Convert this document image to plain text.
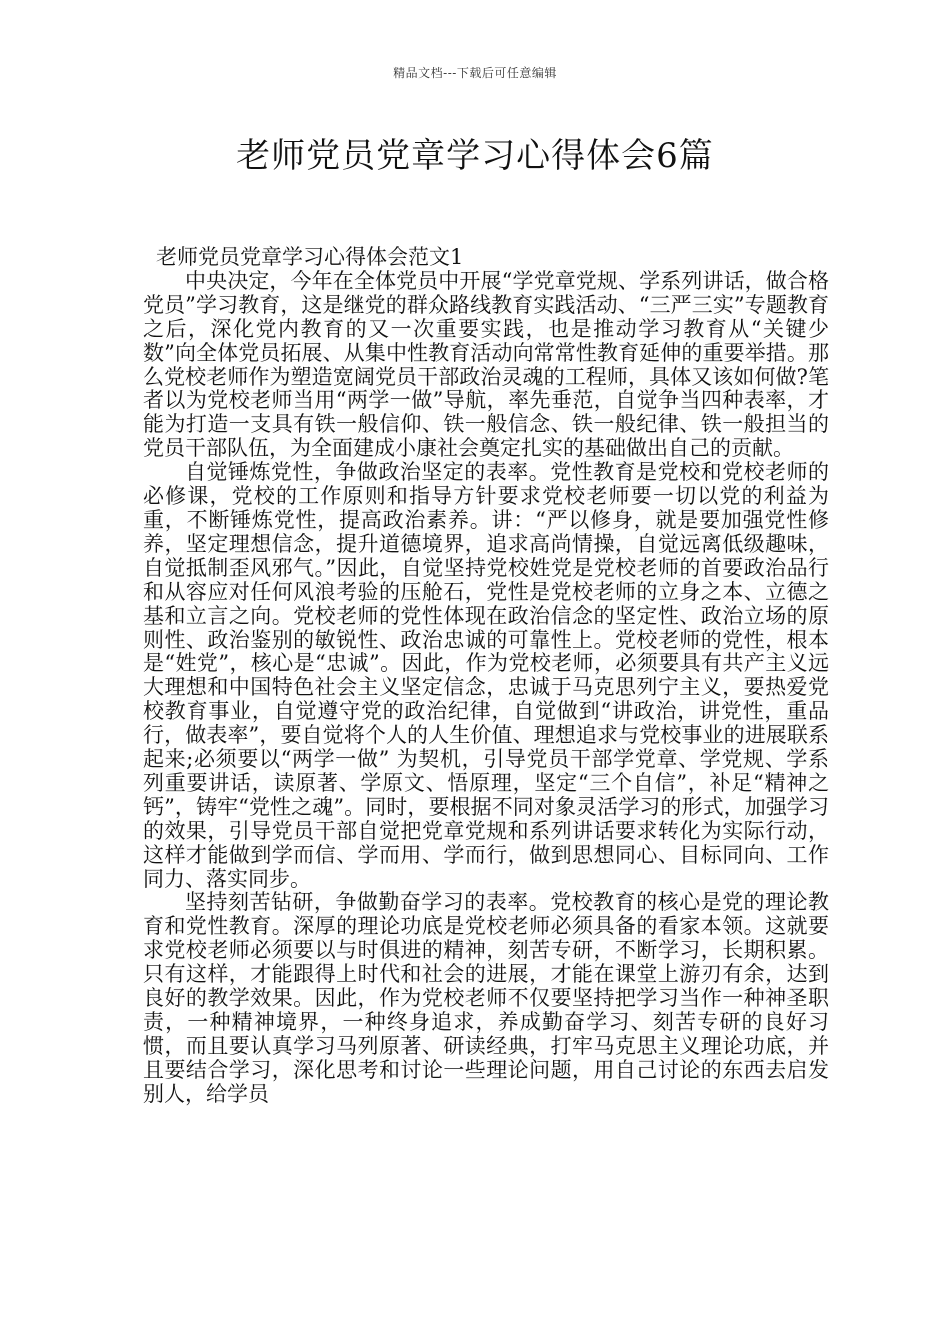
精品文档---下载后可任意编辑
老师党员党章学习心得体会6篇

老师党员党章学习心得体会范文1

中央决定，今年在全体党员中开展“学党章党规、学系列讲话，做合格党员”学习教育，这是继党的群众路线教育实践活动、“三严三实”专题教育之后，深化党内教育的又一次重要实践，也是推动学习教育从“关键少数”向全体党员拓展、从集中性教育活动向常常性教育延伸的重要举措。那么党校老师作为塑造宽阔党员干部政治灵魂的工程师，具体又该如何做?笔者以为党校老师当用“两学一做”导航，率先垂范，自觉争当四种表率，才能为打造一支具有铁一般信仰、铁一般信念、铁一般纪律、铁一般担当的党员干部队伍，为全面建成小康社会奠定扎实的基础做出自己的贡献。

自觉锤炼党性，争做政治坚定的表率。党性教育是党校和党校老师的必修课，党校的工作原则和指导方针要求党校老师要一切以党的利益为重，不断锤炼党性，提高政治素养。讲：“严以修身，就是要加强党性修养，坚定理想信念，提升道德境界，追求高尚情操，自觉远离低级趣味，自觉抵制歪风邪气。”因此，自觉坚持党校姓党是党校老师的首要政治品行和从容应对任何风浪考验的压舱石，党性是党校老师的立身之本、立德之基和立言之向。党校老师的党性体现在政治信念的坚定性、政治立场的原则性、政治鉴别的敏锐性、政治忠诚的可靠性上。党校老师的党性，根本是“姓党”，核心是“忠诚”。因此，作为党校老师，必须要具有共产主义远大理想和中国特色社会主义坚定信念，忠诚于马克思列宁主义，要热爱党校教育事业，自觉遵守党的政治纪律，自觉做到“讲政治，讲党性，重品行，做表率”，要自觉将个人的人生价值、理想追求与党校事业的进展联系起来;必须要以“两学一做” 为契机，引导党员干部学党章、学党规、学系列重要讲话，读原著、学原文、悟原理，坚定“三个自信”，补足“精神之钙”，铸牢“党性之魂”。同时，要根据不同对象灵活学习的形式，加强学习的效果，引导党员干部自觉把党章党规和系列讲话要求转化为实际行动，这样才能做到学而信、学而用、学而行，做到思想同心、目标同向、工作同力、落实同步。

坚持刻苦钻研，争做勤奋学习的表率。党校教育的核心是党的理论教育和党性教育。深厚的理论功底是党校老师必须具备的看家本领。这就要求党校老师必须要以与时俱进的精神，刻苦专研，不断学习，长期积累。只有这样，才能跟得上时代和社会的进展，才能在课堂上游刃有余，达到良好的教学效果。因此，作为党校老师不仅要坚持把学习当作一种神圣职责，一种精神境界，一种终身追求，养成勤奋学习、刻苦专研的良好习惯，而且要认真学习马列原著、研读经典，打牢马克思主义理论功底，并且要结合学习，深化思考和讨论一些理论问题，用自己讨论的东西去启发别人，给学员
